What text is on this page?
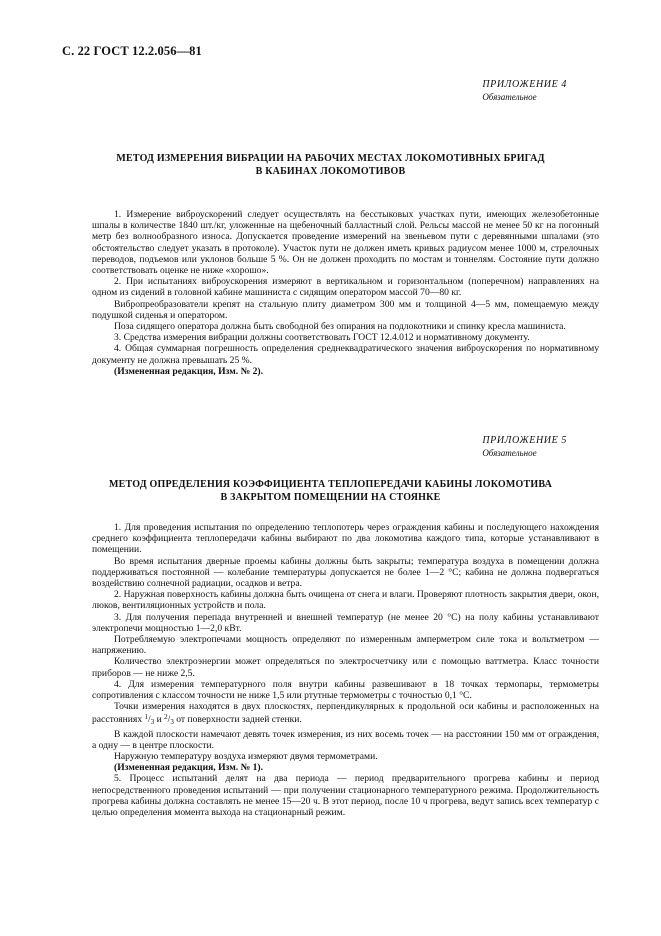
С. 22 ГОСТ 12.2.056—81
ПРИЛОЖЕНИЕ 4
Обязательное
МЕТОД ИЗМЕРЕНИЯ ВИБРАЦИИ НА РАБОЧИХ МЕСТАХ ЛОКОМОТИВНЫХ БРИГАД
В КАБИНАХ ЛОКОМОТИВОВ

1. Измерение виброускорений следует осуществлять на бесстыковых участках пути, имеющих железобетонные шпалы в количестве 1840 шт./кг, уложенные на щебеночный балластный слой. Рельсы массой не менее 50 кг на погонный метр без волнообразного износа. Допускается проведение измерений на звеньевом пути с деревянными шпалами (это обстоятельство следует указать в протоколе). Участок пути не должен иметь кривых радиусом менее 1000 м, стрелочных переводов, подъемов или уклонов больше 5 %. Он не должен проходить по мостам и тоннелям. Состояние пути должно соответствовать оценке не ниже «хорошо».

2. При испытаниях виброускорения измеряют в вертикальном и горизонтальном (поперечном) направлениях на одном из сидений в головной кабине машиниста с сидящим оператором массой 70—80 кг.

Вибропреобразователи крепят на стальную плиту диаметром 300 мм и толщиной 4—5 мм, помещаемую между подушкой сиденья и оператором.

Поза сидящего оператора должна быть свободной без опирания на подлокотники и спинку кресла машиниста.

3. Средства измерения вибрации должны соответствовать ГОСТ 12.4.012 и нормативному документу.

4. Общая суммарная погрешность определения среднеквадратического значения виброускорения по нормативному документу не должна превышать 25 %.

(Измененная редакция, Изм. № 2).

ПРИЛОЖЕНИЕ 5
Обязательное
МЕТОД ОПРЕДЕЛЕНИЯ КОЭФФИЦИЕНТА ТЕПЛОПЕРЕДАЧИ КАБИНЫ ЛОКОМОТИВА
В ЗАКРЫТОМ ПОМЕЩЕНИИ НА СТОЯНКЕ

1. Для проведения испытания по определению теплопотерь через ограждения кабины и последующего нахождения среднего коэффициента теплопередачи кабины выбирают по два локомотива каждого типа, которые устанавливают в помещении.

Во время испытания дверные проемы кабины должны быть закрыты; температура воздуха в помещении должна поддерживаться постоянной — колебание температуры допускается не более 1—2 °С; кабина не должна подвергаться воздействию солнечной радиации, осадков и ветра.

2. Наружная поверхность кабины должна быть очищена от снега и влаги. Проверяют плотность закрытия двери, окон, люков, вентиляционных устройств и пола.

3. Для получения перепада внутренней и внешней температур (не менее 20 °С) на полу кабины устанавливают электропечи мощностью 1—2,0 кВт.

Потребляемую электропечами мощность определяют по измеренным амперметром силе тока и вольтметром — напряжению.

Количество электроэнергии может определяться по электросчетчику или с помощью ваттметра. Класс точности приборов — не ниже 2,5.

4. Для измерения температурного поля внутри кабины развешивают в 18 точках термопары, термометры сопротивления с классом точности не ниже 1,5 или ртутные термометры с точностью 0,1 °С.

Точки измерения находятся в двух плоскостях, перпендикулярных к продольной оси кабины и расположенных на расстояниях $^1/_3$ и $^2/_3$ от поверхности задней стенки.

В каждой плоскости намечают девять точек измерения, из них восемь точек — на расстоянии 150 мм от ограждения, а одну — в центре плоскости.

Наружную температуру воздуха измеряют двумя термометрами.

(Измененная редакция, Изм. № 1).

5. Процесс испытаний делят на два периода — период предварительного прогрева кабины и период непосредственного проведения испытаний — при получении стационарного температурного режима. Продолжительность прогрева кабины должна составлять не менее 15—20 ч. В этот период, после 10 ч прогрева, ведут запись всех температур с целью определения момента выхода на стационарный режим.
